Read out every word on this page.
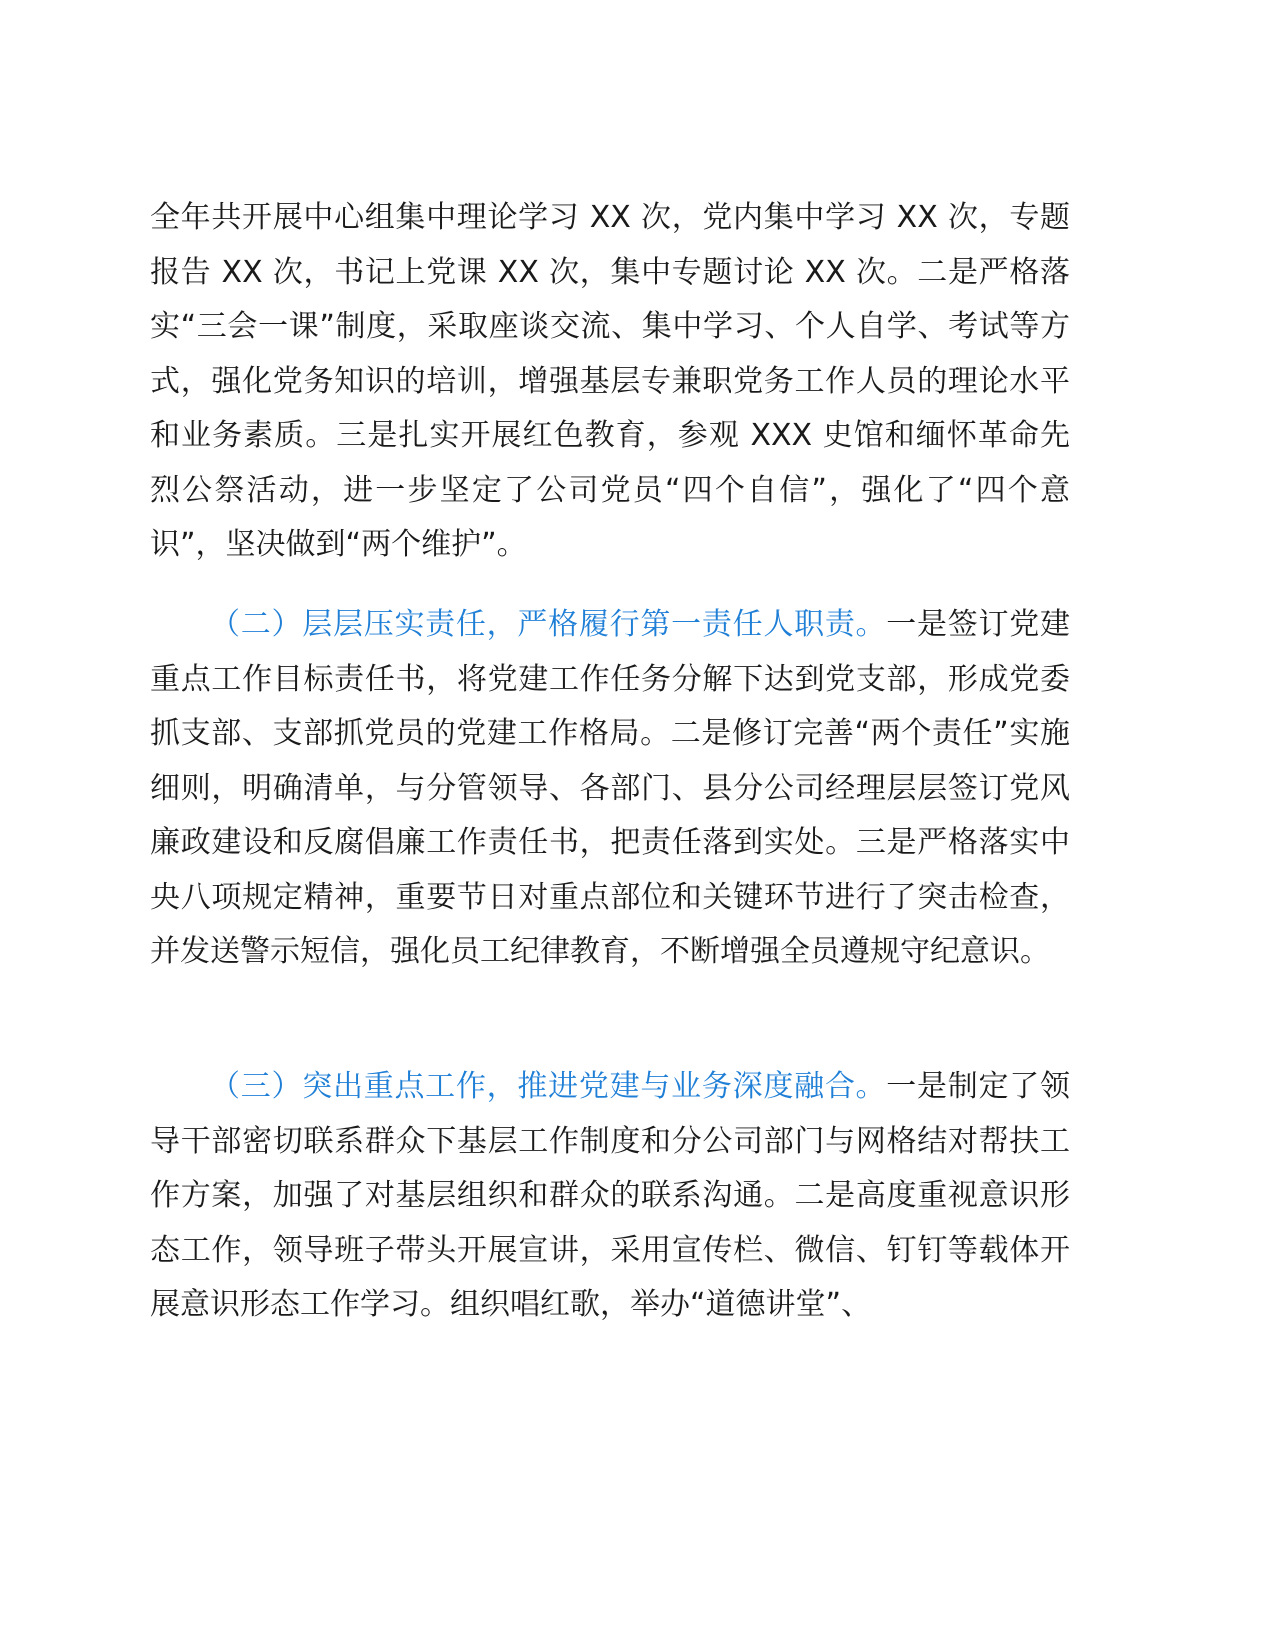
全年共开展中心组集中理论学习 XX 次，党内集中学习 XX 次，专题报告 XX 次，书记上党课 XX 次，集中专题讨论 XX 次。二是严格落实“三会一课”制度，采取座谈交流、集中学习、个人自学、考试等方式，强化党务知识的培训，增强基层专兼职党务工作人员的理论水平和业务素质。三是扎实开展红色教育，参观 XXX 史馆和缅怀革命先烈公祭活动，进一步坚定了公司党员“四个自信”，强化了“四个意识”，坚决做到“两个维护”。

（二）层层压实责任，严格履行第一责任人职责。一是签订党建重点工作目标责任书，将党建工作任务分解下达到党支部，形成党委抓支部、支部抓党员的党建工作格局。二是修订完善“两个责任”实施细则，明确清单，与分管领导、各部门、县分公司经理层层签订党风廉政建设和反腐倡廉工作责任书，把责任落到实处。三是严格落实中央八项规定精神，重要节日对重点部位和关键环节进行了突击检查，并发送警示短信，强化员工纪律教育，不断增强全员遵规守纪意识。

（三）突出重点工作，推进党建与业务深度融合。一是制定了领导干部密切联系群众下基层工作制度和分公司部门与网格结对帮扶工作方案，加强了对基层组织和群众的联系沟通。二是高度重视意识形态工作，领导班子带头开展宣讲，采用宣传栏、微信、钉钉等载体开展意识形态工作学习。组织唱红歌，举办“道德讲堂”、
